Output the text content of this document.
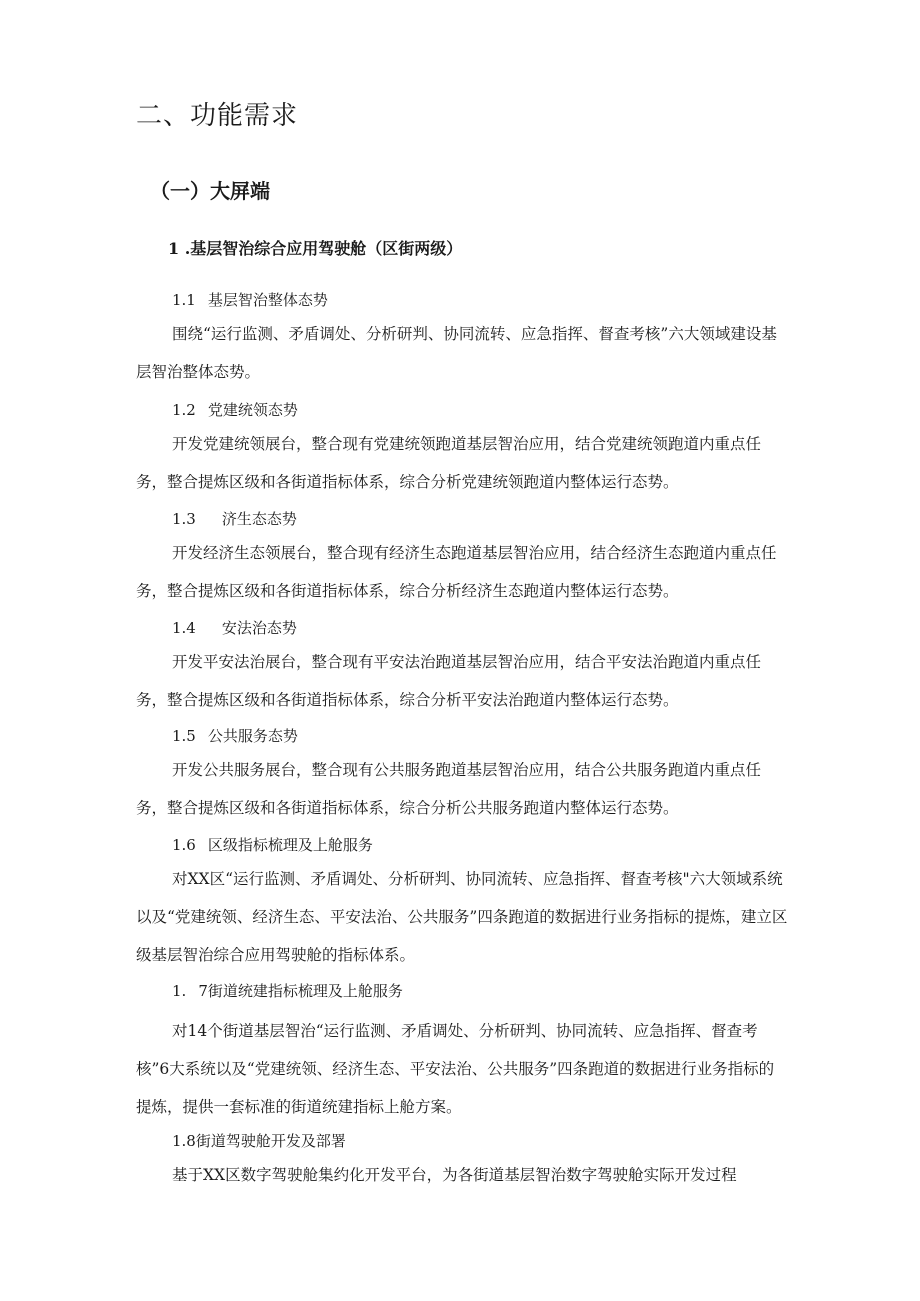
二、功能需求
（一）大屏端
1 .基层智治综合应用驾驶舱（区街两级）
1.1 基层智治整体态势

围绕“运行监测、矛盾调处、分析研判、协同流转、应急指挥、督查考核”六大领域建设基层智治整体态势。

1.2 党建统领态势

开发党建统领展台，整合现有党建统领跑道基层智治应用，结合党建统领跑道内重点任务，整合提炼区级和各街道指标体系，综合分析党建统领跑道内整体运行态势。

1.3 济生态态势

开发经济生态领展台，整合现有经济生态跑道基层智治应用，结合经济生态跑道内重点任务，整合提炼区级和各街道指标体系，综合分析经济生态跑道内整体运行态势。

1.4 安法治态势

开发平安法治展台，整合现有平安法治跑道基层智治应用，结合平安法治跑道内重点任务，整合提炼区级和各街道指标体系，综合分析平安法治跑道内整体运行态势。

1.5 公共服务态势

开发公共服务展台，整合现有公共服务跑道基层智治应用，结合公共服务跑道内重点任务，整合提炼区级和各街道指标体系，综合分析公共服务跑道内整体运行态势。

1.6 区级指标梳理及上舱服务

对XX区“运行监测、矛盾调处、分析研判、协同流转、应急指挥、督查考核"六大领域系统以及“党建统领、经济生态、平安法治、公共服务”四条跑道的数据进行业务指标的提炼，建立区级基层智治综合应用驾驶舱的指标体系。

1. 7街道统建指标梳理及上舱服务

对14个街道基层智治“运行监测、矛盾调处、分析研判、协同流转、应急指挥、督查考核”6大系统以及“党建统领、经济生态、平安法治、公共服务”四条跑道的数据进行业务指标的提炼，提供一套标准的街道统建指标上舱方案。

1.8街道驾驶舱开发及部署

基于XX区数字驾驶舱集约化开发平台，为各街道基层智治数字驾驶舱实际开发过程
